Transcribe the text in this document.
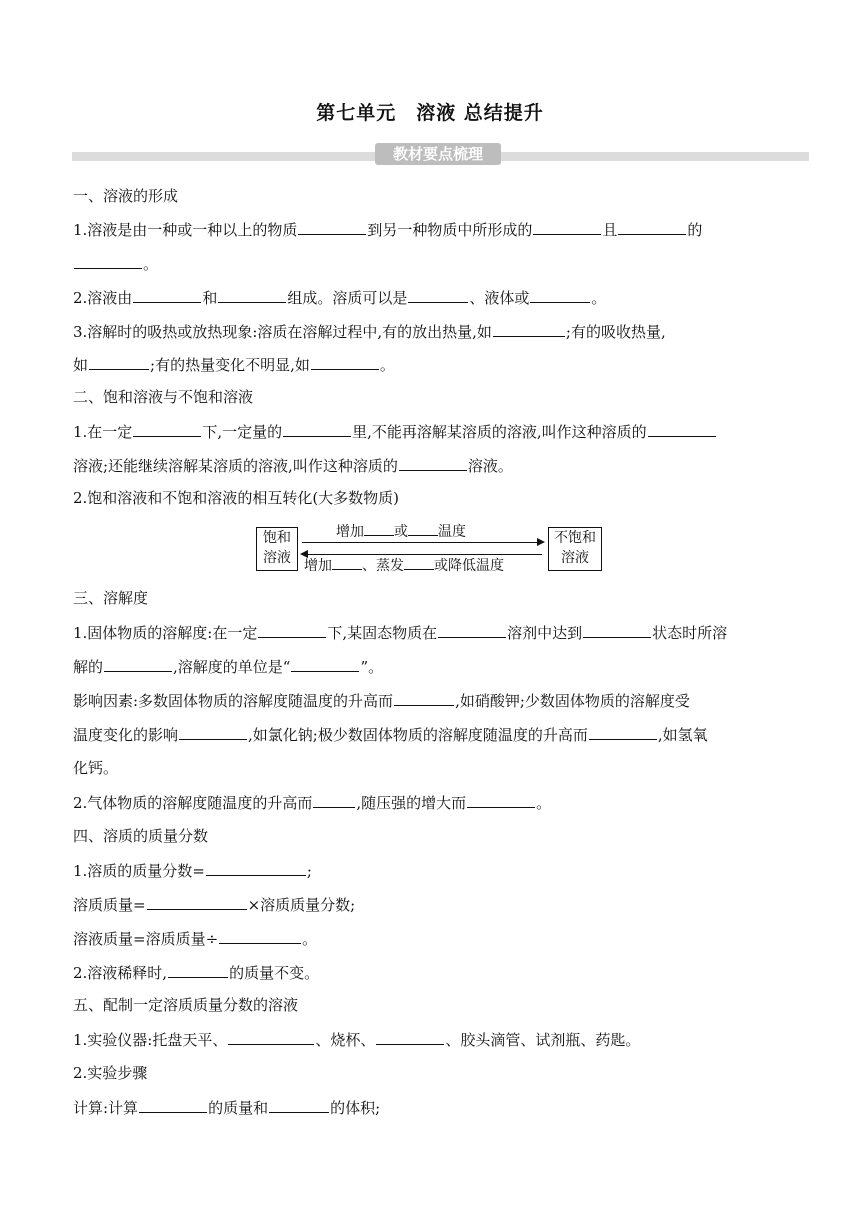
第七单元　溶液 总结提升
教材要点梳理
一、溶液的形成
1.溶液是由一种或一种以上的物质	到另一种物质中所形成的	且	的
。
2.溶液由	和	组成。溶质可以是	、液体或	。
3.溶解时的吸热或放热现象:溶质在溶解过程中,有的放出热量,如	;有的吸收热量,
如	;有的热量变化不明显,如	。
二、饱和溶液与不饱和溶液
1.在一定	下,一定量的	里,不能再溶解某溶质的溶液,叫作这种溶质的
溶液;还能继续溶解某溶质的溶液,叫作这种溶质的	溶液。
2.饱和溶液和不饱和溶液的相互转化(大多数物质)
饱和
溶液
增加 或 温度
增加 、蒸发 或降低温度
不饱和
溶液
三、溶解度
1.固体物质的溶解度:在一定	下,某固态物质在	溶剂中达到	状态时所溶
解的	,溶解度的单位是“	”。
影响因素:多数固体物质的溶解度随温度的升高而	,如硝酸钾;少数固体物质的溶解度受
温度变化的影响	,如氯化钠;极少数固体物质的溶解度随温度的升高而	,如氢氧
化钙。
2.气体物质的溶解度随温度的升高而	,随压强的增大而	。
四、溶质的质量分数
1.溶质的质量分数=	;
溶质质量=	×溶质质量分数;
溶液质量=溶质质量÷	。
2.溶液稀释时,	的质量不变。
五、配制一定溶质质量分数的溶液
1.实验仪器:托盘天平、	、烧杯、	、胶头滴管、试剂瓶、药匙。
2.实验步骤
计算:计算	的质量和	的体积;
